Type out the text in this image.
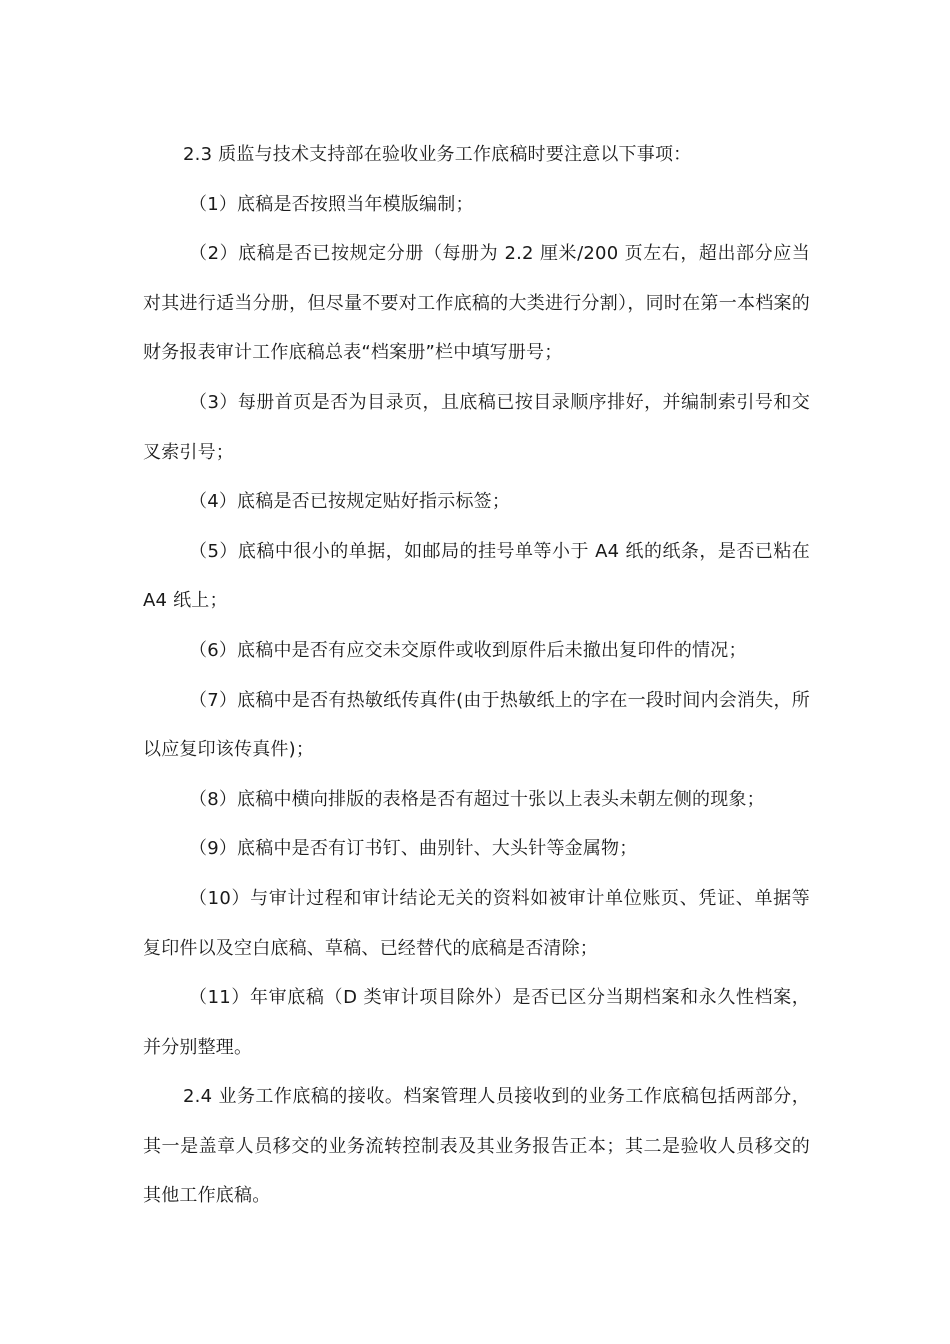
2.3 质监与技术支持部在验收业务工作底稿时要注意以下事项：

（1）底稿是否按照当年模版编制；

（2）底稿是否已按规定分册（每册为 2.2 厘米/200 页左右，超出部分应当对其进行适当分册，但尽量不要对工作底稿的大类进行分割），同时在第一本档案的财务报表审计工作底稿总表“档案册”栏中填写册号；

（3）每册首页是否为目录页，且底稿已按目录顺序排好，并编制索引号和交叉索引号；

（4）底稿是否已按规定贴好指示标签；

（5）底稿中很小的单据，如邮局的挂号单等小于 A4 纸的纸条，是否已粘在 A4 纸上；

（6）底稿中是否有应交未交原件或收到原件后未撤出复印件的情况；

（7）底稿中是否有热敏纸传真件(由于热敏纸上的字在一段时间内会消失，所以应复印该传真件)；

（8）底稿中横向排版的表格是否有超过十张以上表头未朝左侧的现象；

（9）底稿中是否有订书钉、曲别针、大头针等金属物；

（10）与审计过程和审计结论无关的资料如被审计单位账页、凭证、单据等复印件以及空白底稿、草稿、已经替代的底稿是否清除；

（11）年审底稿（D 类审计项目除外）是否已区分当期档案和永久性档案，并分别整理。

2.4 业务工作底稿的接收。档案管理人员接收到的业务工作底稿包括两部分，其一是盖章人员移交的业务流转控制表及其业务报告正本；其二是验收人员移交的其他工作底稿。
